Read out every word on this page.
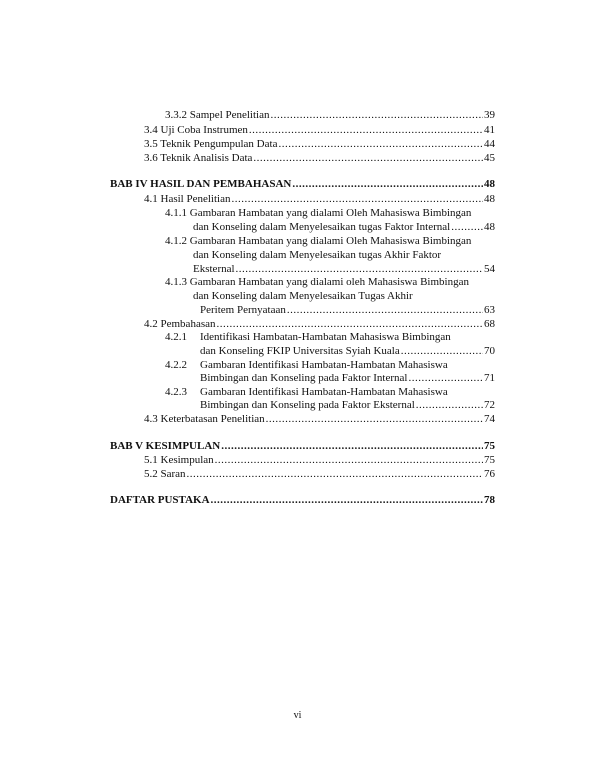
3.3.2 Sampel Penelitian .....	39
3.4 Uji Coba Instrumen .....	41
3.5 Teknik Pengumpulan Data .....	44
3.6 Teknik Analisis Data .....	45
BAB IV HASIL DAN PEMBAHASAN .....	48
4.1 Hasil Penelitian .....	48
4.1.1 Gambaran Hambatan yang dialami Oleh Mahasiswa Bimbingan
dan Konseling dalam Menyelesaikan tugas Faktor Internal .....	48
4.1.2 Gambaran Hambatan yang dialami Oleh Mahasiswa Bimbingan
dan Konseling dalam Menyelesaikan tugas Akhir Faktor
Eksternal .....	54
4.1.3 Gambaran Hambatan yang dialami oleh Mahasiswa Bimbingan
dan Konseling dalam Menyelesaikan Tugas Akhir
Peritem Pernyataan .....	63
4.2 Pembahasan .....	68
4.2.1 Identifikasi Hambatan-Hambatan Mahasiswa Bimbingan
dan Konseling FKIP Universitas Syiah Kuala .....	70
4.2.2 Gambaran Identifikasi Hambatan-Hambatan Mahasiswa
Bimbingan dan Konseling pada Faktor Internal .....	71
4.2.3 Gambaran Identifikasi Hambatan-Hambatan Mahasiswa
Bimbingan dan Konseling pada Faktor Eksternal .....	72
4.3 Keterbatasan Penelitian .....	74
BAB V KESIMPULAN .....	75
5.1 Kesimpulan .....	75
5.2 Saran .....	76
DAFTAR PUSTAKA .....	78
vi
